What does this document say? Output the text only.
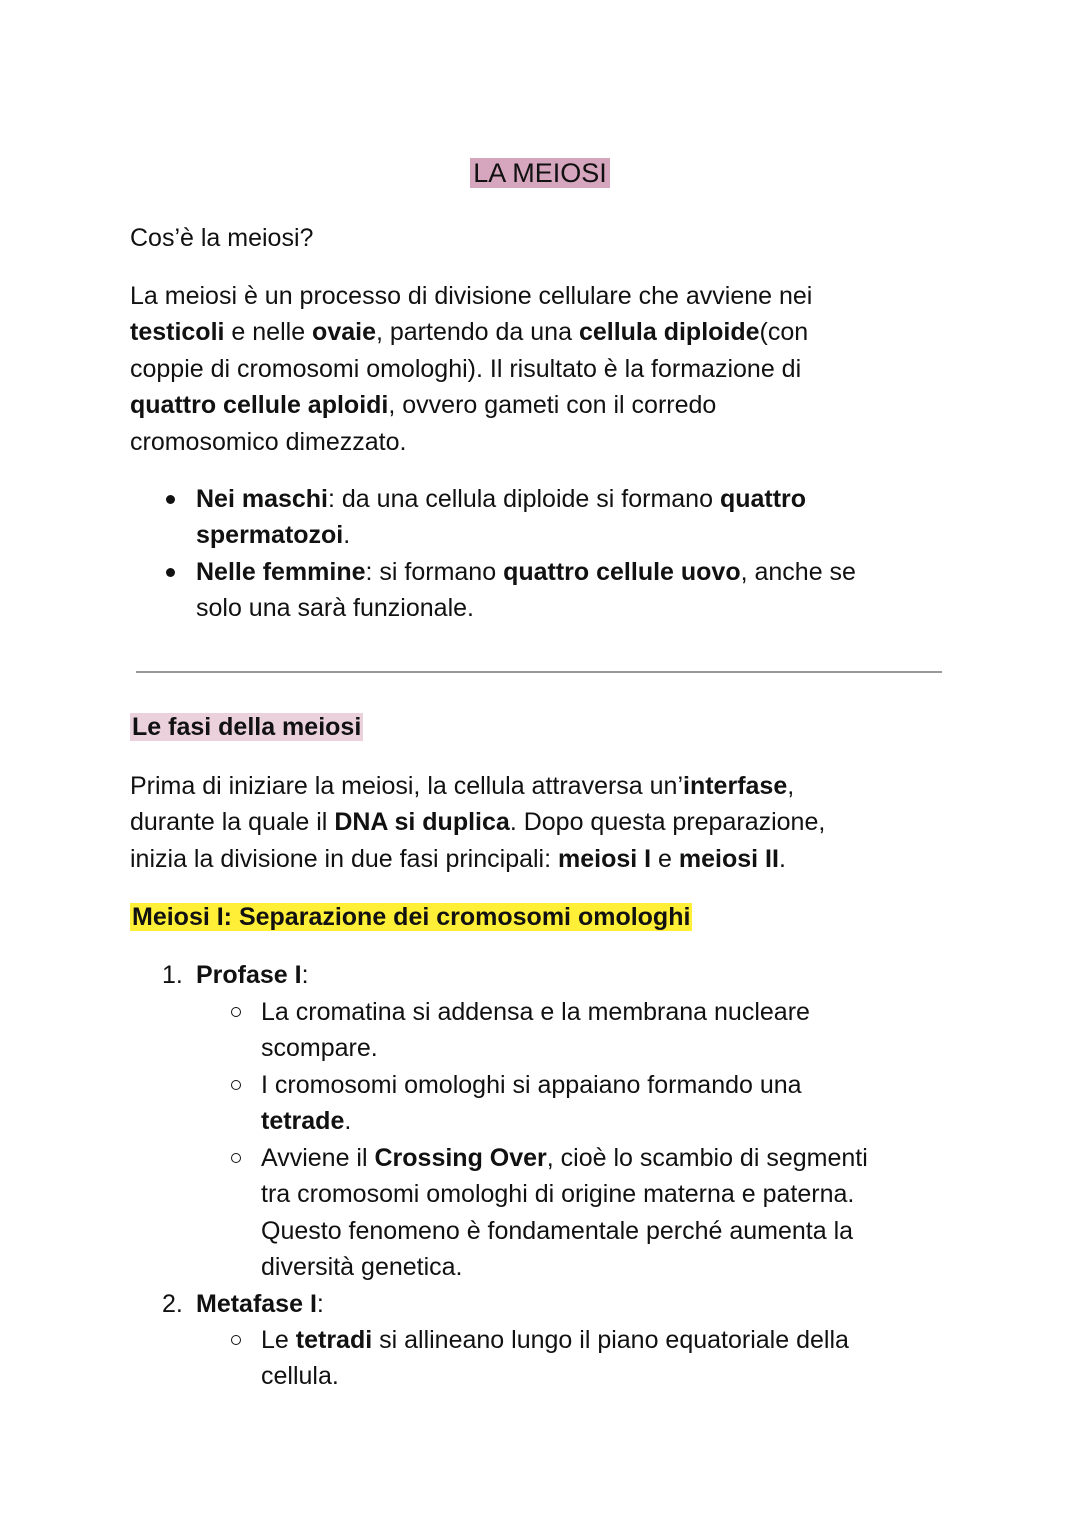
LA MEIOSI
Cos’è la meiosi?
La meiosi è un processo di divisione cellulare che avviene nei
testicoli e nelle ovaie, partendo da una cellula diploide(con
coppie di cromosomi omologhi). Il risultato è la formazione di
quattro cellule aploidi, ovvero gameti con il corredo
cromosomico dimezzato.
Nei maschi: da una cellula diploide si formano quattro
spermatozoi.
Nelle femmine: si formano quattro cellule uovo, anche se
solo una sarà funzionale.
Le fasi della meiosi
Prima di iniziare la meiosi, la cellula attraversa un’interfase,
durante la quale il DNA si duplica. Dopo questa preparazione,
inizia la divisione in due fasi principali: meiosi I e meiosi II.
Meiosi I: Separazione dei cromosomi omologhi
1. Profase I:
La cromatina si addensa e la membrana nucleare
scompare.
I cromosomi omologhi si appaiano formando una
tetrade.
Avviene il Crossing Over, cioè lo scambio di segmenti
tra cromosomi omologhi di origine materna e paterna.
Questo fenomeno è fondamentale perché aumenta la
diversità genetica.
2. Metafase I:
Le tetradi si allineano lungo il piano equatoriale della
cellula.
